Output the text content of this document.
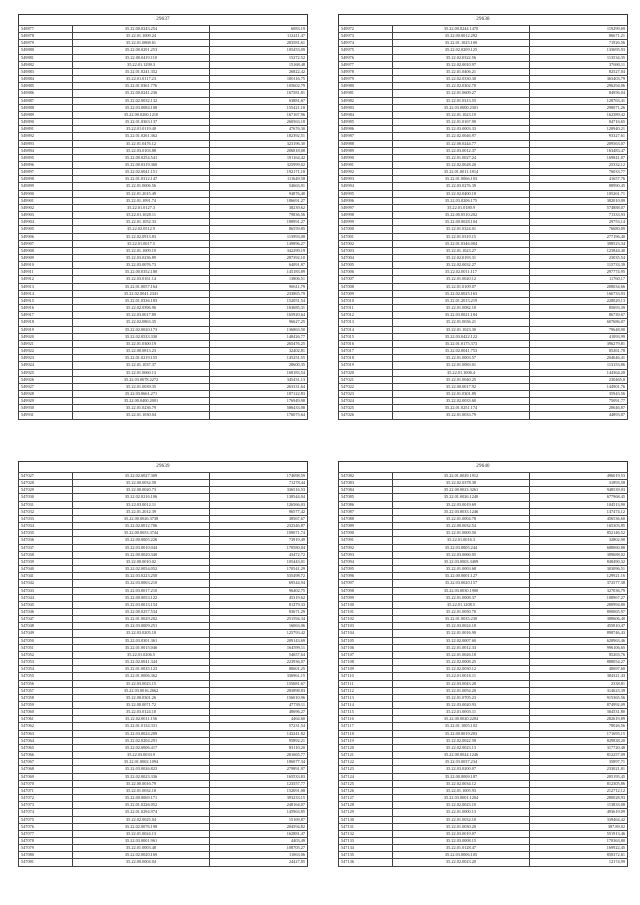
29637
549877	35.22.00.0243.254	6083,19
549878	35.22.01.1009.24	112411,47
549879	35.22.01.0868.61	283581,61
549880	35.22.00.0291.253	105453,09
549881	35.22.00.0419.110	15272,52
549882	35.22.01.1299.3	15168,48
549883	35.22.01.0241.352	26822,42
549884	35.22.01.0117.23	100116,75
549885	35.22.01.0361.776	105602,79
549886	35.22.00.0241.236	167581,81
549887	35.22.02.0032.132	63881,67
549888	35.22.03.0084.108	155421,18
549889	35.22.00.0260.1210	167167,96
549890	35.22.01.0363.137	260563,18
549891	35.22.01.0119.40	47676,30
549892	35.22.01.0261.362	182392,51
549893	35.22.01.0476.12	323196,30
549894	35.22.03.0103.88	206818,08
549895	35.22.00.0254.541	191164,42
549896	35.22.00.0319.360	325999,02
549897	35.22.02.0041.151	192171,18
549898	35.22.01.0312.147	111649,58
549899	35.22.01.0006.56	54663,91
549900	35.22.01.2015.49	94876,40
549901	35.22.01.1091.74	186691,27
549902	35.22.01.0127.3	38239,62
549903	35.22.01.1028.11	79836,56
549904	35.22.01.1052.33	188991,27
549905	35.22.02.0512.9	86559,85
549906	35.22.02.0913.83	113993,08
549907	35.22.01.0017.5	149896,27
549908	35.22.01.1009.10	342299,19
549909	35.22.03.0236.89	287392,10
549910	35.22.03.0076.73	64091,87
549911	35.22.00.0352.180	145183,89
549912	35.22.03.0161.14	13806,51
549913	35.22.01.0057.164	90611,79
549914	35.22.02.0041.2341	233865,79
549915	35.22.01.0336.183	152051,54
549916	35.22.02.0396.96	163685,31
549917	35.22.03.0017.89	165920,64
549918	35.22.02.0863.35	96627,25
549919	35.22.02.0020.173	136863,50
549920	35.22.02.0533.330	148426,77
549921	35.22.01.0300.19	265476,25
549922	35.22.00.0813.23	32402,81
549923	35.22.01.0219.155	145251,55
549924	35.22.01.1037.37	28600,35
549925	35.22.01.0060.13	168183,54
549926	35.22.03.0078.2272	345431,13
549927	35.22.01.0039.35	263331,64
549928	35.22.03.0661.271	187122,83
549929	35.22.00.0400.2001	176949,98
549930	35.22.01.0236.79	586433,08
549931	35.22.01.1030.04	176075,64
29638
549972	35.22.00.0244.1470	119299,69
549973	35.22.00.0012.292	86671,21
549974	35.22.01.1025.100	71926,56
549975	35.22.02.0209.125	133695,93
549976	35.22.02.0322.56	113534,35
549977	35.22.02.0010.97	37690,11
549978	35.22.01.0406.21	82527,04
549979	35.22.02.0330.30	363403,79
549980	35.22.02.0302.70	296294,06
549981	35.22.01.0609.27	84956,04
549982	35.22.01.0313.55	128763,41
549983	35.22.03.0000.2301	298071,26
549984	35.22.01.1023.10	162389,42
549985	35.22.01.0167.90	84716,65
549986	35.22.03.0003.33	128940,21
549987	35.22.02.0046.97	93327,61
549988	35.22.00.0244.77	209563,07
549989	35.22.03.0012.37	163483,47
549990	35.22.01.0027.24	169841,07
549991	35.22.02.0028.20	25332,12
549992	35.22.01.0011.1814	76033,77
549993	35.22.01.0066.103	41657,76
549994	35.22.03.0276.39	88990,45
549995	35.22.02.0400.18	105261,71
549996	35.22.03.0206.175	382010,09
549997	35.22.01.0180.9	574888,07
549998	35.22.00.0510.202	71333,93
549999	35.22.00.0028.104	29753,14
547000	35.22.01.0324.01	76680,09
547001	35.22.01.0319.15	277196,40
547002	35.22.01.0346.004	398523,34
547003	35.22.01.1023.27	123844,40
547004	35.22.02.0193.31	23035,54
547005	35.22.02.0032.27	115733,39
547006	35.22.02.0011.117	297774,95
547007	35.22.01.0020.12	11760,17
547008	35.22.01.0109.07	208034,66
547009	35.22.02.0025.163	166733,93
547010	35.22.01.2013.219	228029,13
547011	35.22.01.0082.18	85693,39
547012	35.22.03.0021.184	86739,67
547013	35.22.01.0036.21	607686,07
547014	35.22.01.1023.30	79648,90
547015	35.22.03.0422.122	41093,99
547016	35.22.01.0175.373	396279,81
547017	35.22.02.0041.753	85261,78
547018	35.22.01.0003.57	204646,41
547019	35.22.01.0083.01	113153,86
547020	35.22.01.1006.4	144364,28
547021	35.22.01.0040.25	230465,8
547022	35.22.00.0017.92	144901,76
547023	35.22.01.0301.89	35943,56
547024	35.22.02.0033.60	75091,77
547025	35.22.01.0251.174	20646,87
547026	35.22.01.0033.79	44893,87
29639
547027	35.22.02.0027.309	174698,59
547028	35.22.00.0032.58	71278,44
547029	35.22.00.0020.73	336516,53
547030	35.22.02.0216.106	138544,04
547031	35.22.03.0012.11	126566,03
547032	35.22.01.2012.39	96577,42
547033	35.22.00.0026.3738	38567,67
547034	35.22.02.0012.706	232346,87
547035	35.22.00.0053.3744	109071,74
547036	35.22.00.0005.226	73919,49
547037	35.22.03.0010.044	178580,04
547038	35.22.00.0020.340	43472,72
547039	35.22.00.0010.02	105443,01
547040	35.22.02.0054.052	170541,29
547041	35.22.03.0223.250	535498,72
547042	35.22.03.0063.210	69544,94
547043	35.22.03.0017.210	96402,75
547044	35.22.00.0053.122	45319,62
547045	35.22.03.0013.154	81279,33
547046	35.22.00.0257.534	83671,29
547047	35.22.01.0029.202	251594,34
547048	35.22.03.0009.251	16063,06
547049	35.22.03.0205.18	125793,42
547050	35.22.03.0301.361	209143,69
547051	35.22.01.0015.046	164599,11
547052	35.22.01.0206.5	54657,64
547053	35.22.02.0041.344	223936,07
547054	35.22.01.0035.123	80601,25
547055	35.22.01.0006.362	336961,15
547056	35.22.03.0023.15	155681,67
547057	35.22.03.0016.2662	283898,83
547058	35.22.00.0301.26	156010,96
547059	35.22.00.0071.72	47739,11
547060	35.22.03.0124.10	48696,27
547061	35.22.02.0011.156	4464,60
547062	35.22.01.0134.331	57231,54
547063	35.22.03.0024.209	143241,82
547064	35.22.02.0204.291	95892,21
547065	35.22.02.0006.417	83110,20
547066	35.22.03.0033.9	201665,77
547067	35.22.01.0002.1094	186077,34
547068	35.22.03.0026.823	279891,97
547069	35.22.02.0023.336	165533,83
547070	35.22.00.0016.79	123557,77
547071	35.22.01.0032.18	152691,08
547072	35.22.00.0069.171	393233,15
547073	35.22.01.0226.052	248164,07
547074	35.22.01.0294.974	145963,85
547075	35.22.02.0025.04	15169,87
547076	35.22.02.0076.198	284594,82
547077	35.22.01.0024.13	162881,47
547078	35.22.03.0001.961	4403,49
547079	35.22.01.0003.48	108705,27
547080	35.22.02.0020.169	11063,06
547081	35.22.00.0004.04	24427,85
29640
547082	35.22.01.0029.1912	496019,53
547083	35.22.02.0378.38	31893,58
547084	35.22.00.0023.3261	948539,03
547085	35.22.01.0026.1240	677968,45
547086	35.22.03.0019.69	104513,90
547087	35.22.03.0033.1246	147474,12
547088	35.22.01.0004.78	456536,60
547089	35.22.00.0032.54	165303,85
547090	35.22.01.0009.50	852146,52
547091	35.22.01.0016.3	32802,90
547092	35.22.03.0005.244	688060,88
547093	35.22.03.0060.05	389688,02
547094	35.22.03.0003.3409	848490,32
547095	35.22.01.0003.68	303096,51
547096	35.22.00.0001.127	129921,16
547097	35.22.03.0020.157	372577,38
547098	35.22.03.0030.1900	327036,79
547099	35.22.01.0008.37	108967,27
547100	35.22.01.1208.5	280994,80
547101	35.22.01.0050.70	890065,97
547102	35.22.01.0035.230	388606,40
547103	35.22.03.0024.18	455810,47
547104	35.22.01.0016.90	898746,43
547105	35.22.02.0007.60	620963,46
547106	35.22.01.0012.33	996106,65
547107	35.22.01.0026.18	85263,76
547108	35.22.02.0008.25	888054,27
547109	35.22.02.0030.12	40697,60
547110	35.22.01.0016.11	384321,43
547111	35.22.03.0043.28	2338,81
547112	35.22.01.0054.20	314623,39
547113	35.22.01.0705.23	915365,56
547114	35.22.03.0020.93	874992,09
547115	35.22.01.0003.11	304531,80
547116	35.22.00.0020.2204	282619,89
547117	35.22.01.1005.102	78026,56
547118	35.22.00.0019.203	171695,15
547119	35.22.02.0022.58	829838,20
547120	35.22.02.0023.13	317720,48
547121	35.22.00.0024.1246	812257,09
547122	35.22.03.0037.234	35897,71
547123	35.22.03.0200.07	233021,81
547124	35.22.00.0009.187	205195,45
547125	35.22.02.0034.12	812305,86
547126	35.22.01.1005.93	212712,12
547127	35.22.03.0001.1204	280028,93
547128	35.22.02.0023.10	113833,08
547129	35.22.01.0000.13	493619,09
547130	35.22.01.0032.18	339464,42
547131	35.22.01.0030.20	387,89,02
547132	35.22.03.0019.07	551913,46
547133	35.22.03.0008.15	170363,80
547134	35.22.01.0128.47	169922,45
547135	35.22.03.0006.105	850372,61
547136	35.22.02.0023.20	12174,99
